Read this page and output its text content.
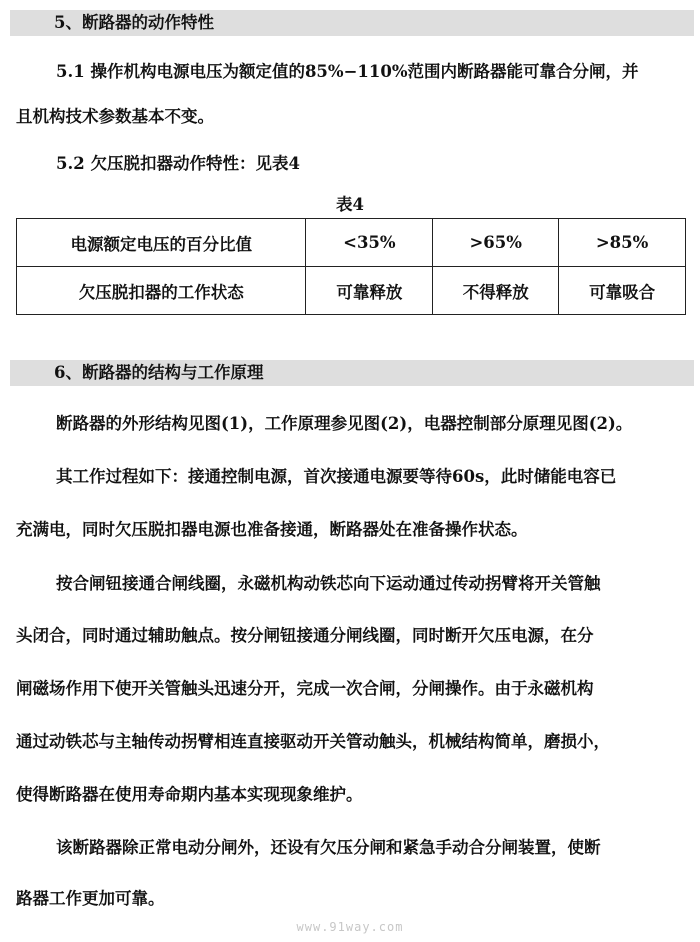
5、断路器的动作特性
5.1 操作机构电源电压为额定值的85%−110%范围内断路器能可靠合分闸，并
且机构技术参数基本不变。
5.2 欠压脱扣器动作特性：见表4
表4
电源额定电压的百分比值	<35%	>65%	>85%
欠压脱扣器的工作状态	可靠释放	不得释放	可靠吸合
6、断路器的结构与工作原理
断路器的外形结构见图(1)，工作原理参见图(2)，电器控制部分原理见图(2)。
其工作过程如下：接通控制电源，首次接通电源要等待60s，此时储能电容已
充满电，同时欠压脱扣器电源也准备接通，断路器处在准备操作状态。
按合闸钮接通合闸线圈，永磁机构动铁芯向下运动通过传动拐臂将开关管触
头闭合，同时通过辅助触点。按分闸钮接通分闸线圈，同时断开欠压电源，在分
闸磁场作用下使开关管触头迅速分开，完成一次合闸，分闸操作。由于永磁机构
通过动铁芯与主轴传动拐臂相连直接驱动开关管动触头，机械结构简单，磨损小，
使得断路器在使用寿命期内基本实现现象维护。
该断路器除正常电动分闸外，还设有欠压分闸和紧急手动合分闸装置，使断
路器工作更加可靠。
www.91way.com
